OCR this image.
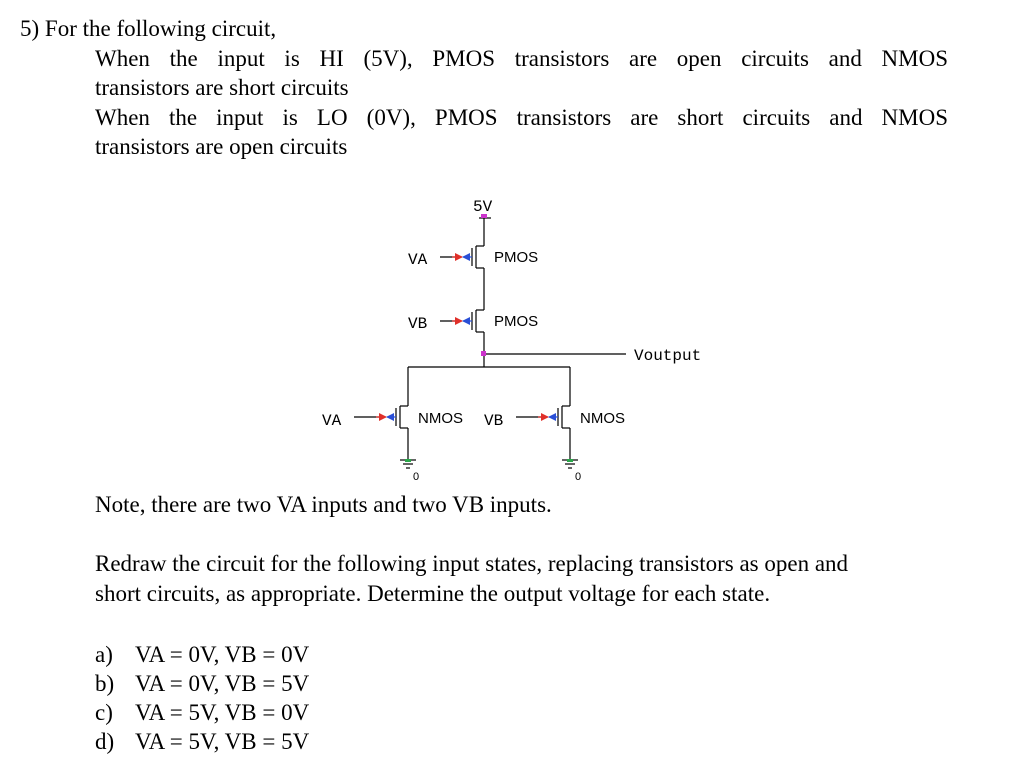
5) For the following circuit,
When the input is HI (5V), PMOS transistors are open circuits and NMOS
transistors are short circuits
When the input is LO (0V), PMOS transistors are short circuits and NMOS
transistors are open circuits
5V
VA	PMOS
VB	PMOS
Voutput
VA	NMOS VB	NMOS
0	0
Note, there are two VA inputs and two VB inputs.
Redraw the circuit for the following input states, replacing transistors as open and
short circuits, as appropriate. Determine the output voltage for each state.
a) VA = 0V, VB = 0V
b) VA = 0V, VB = 5V
c) VA = 5V, VB = 0V
d) VA = 5V, VB = 5V
